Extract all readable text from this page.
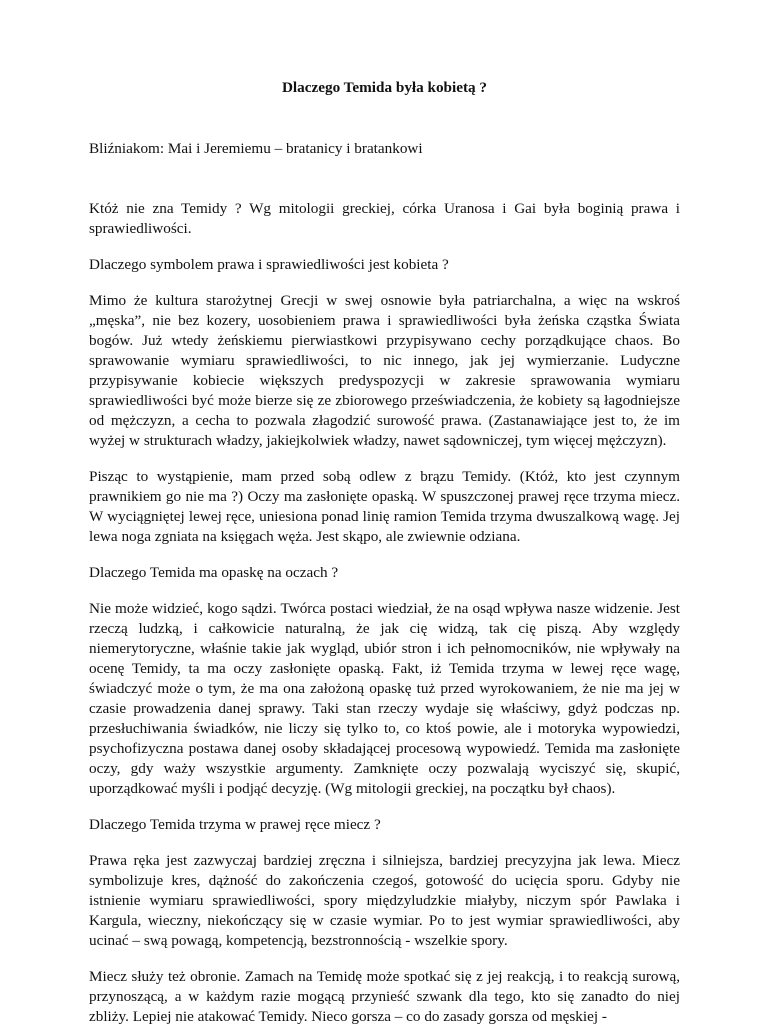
Dlaczego Temida była kobietą ?

Bliźniakom: Mai i Jeremiemu – bratanicy i bratankowi

Któż nie zna Temidy ? Wg mitologii greckiej, córka Uranosa i Gai była boginią prawa i sprawiedliwości.

Dlaczego symbolem prawa i sprawiedliwości jest kobieta ?

Mimo że kultura starożytnej Grecji w swej osnowie była patriarchalna, a więc na wskroś „męska”, nie bez kozery, uosobieniem prawa i sprawiedliwości była żeńska cząstka Świata bogów. Już wtedy żeńskiemu pierwiastkowi przypisywano cechy porządkujące chaos. Bo sprawowanie wymiaru sprawiedliwości, to nic innego, jak jej wymierzanie. Ludyczne przypisywanie kobiecie większych predyspozycji w zakresie sprawowania wymiaru sprawiedliwości być może bierze się ze zbiorowego przeświadczenia, że kobiety są łagodniejsze od mężczyzn, a cecha to pozwala złagodzić surowość prawa. (Zastanawiające jest to, że im wyżej w strukturach władzy, jakiejkolwiek władzy, nawet sądowniczej, tym więcej mężczyzn).

Pisząc to wystąpienie, mam przed sobą odlew z brązu Temidy. (Któż, kto jest czynnym prawnikiem go nie ma ?) Oczy ma zasłonięte opaską. W spuszczonej prawej ręce trzyma miecz. W wyciągniętej lewej ręce, uniesiona ponad linię ramion Temida trzyma dwuszalkową wagę. Jej lewa noga zgniata na księgach węża. Jest skąpo, ale zwiewnie odziana.

Dlaczego Temida ma opaskę na oczach ?

Nie może widzieć, kogo sądzi. Twórca postaci wiedział, że na osąd wpływa nasze widzenie. Jest rzeczą ludzką, i całkowicie naturalną, że jak cię widzą, tak cię piszą. Aby względy niemerytoryczne, właśnie takie jak wygląd, ubiór stron i ich pełnomocników, nie wpływały na ocenę Temidy, ta ma oczy zasłonięte opaską. Fakt, iż Temida trzyma w lewej ręce wagę, świadczyć może o tym, że ma ona założoną opaskę tuż przed wyrokowaniem, że nie ma jej w czasie prowadzenia danej sprawy. Taki stan rzeczy wydaje się właściwy, gdyż podczas np. przesłuchiwania świadków, nie liczy się tylko to, co ktoś powie, ale i motoryka wypowiedzi, psychofizyczna postawa danej osoby składającej procesową wypowiedź. Temida ma zasłonięte oczy, gdy waży wszystkie argumenty. Zamknięte oczy pozwalają wyciszyć się, skupić, uporządkować myśli i podjąć decyzję. (Wg mitologii greckiej, na początku był chaos).

Dlaczego Temida trzyma w prawej ręce miecz ?

Prawa ręka jest zazwyczaj bardziej zręczna i silniejsza, bardziej precyzyjna jak lewa. Miecz symbolizuje kres, dążność do zakończenia czegoś, gotowość do ucięcia sporu. Gdyby nie istnienie wymiaru sprawiedliwości, spory międzyludzkie miałyby, niczym spór Pawlaka i Kargula, wieczny, niekończący się w czasie wymiar. Po to jest wymiar sprawiedliwości, aby ucinać – swą powagą, kompetencją, bezstronnością - wszelkie spory.

Miecz służy też obronie. Zamach na Temidę może spotkać się z jej reakcją, i to reakcją surową, przynoszącą, a w każdym razie mogącą przynieść szwank dla tego, kto się zanadto do niej zbliży. Lepiej nie atakować Temidy. Nieco gorsza – co do zasady gorsza od męskiej -
